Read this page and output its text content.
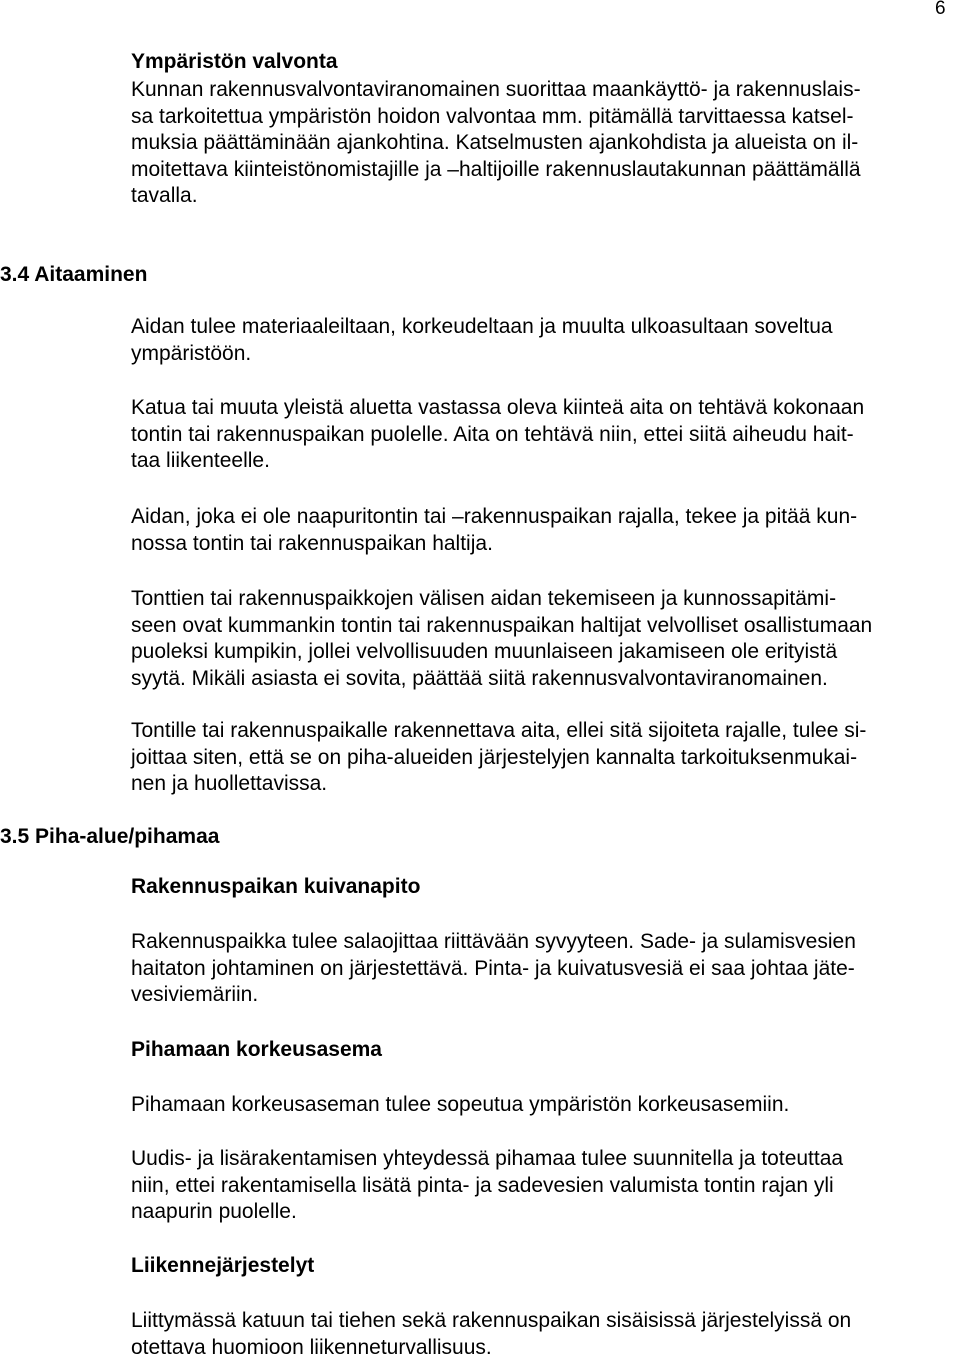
6
Ympäristön valvonta

Kunnan rakennusvalvontaviranomainen suorittaa maankäyttö- ja rakennuslais-
sa tarkoitettua ympäristön hoidon valvontaa mm. pitämällä tarvittaessa katsel-
muksia päättäminään ajankohtina. Katselmusten ajankohdista ja alueista on il-
moitettava kiinteistönomistajille ja –haltijoille rakennuslautakunnan päättämällä
tavalla.

3.4 Aitaaminen

Aidan tulee materiaaleiltaan, korkeudeltaan ja muulta ulkoasultaan soveltua
ympäristöön.

Katua tai muuta yleistä aluetta vastassa oleva kiinteä aita on tehtävä kokonaan
tontin tai rakennuspaikan puolelle. Aita on tehtävä niin, ettei siitä aiheudu hait-
taa liikenteelle.

Aidan, joka ei ole naapuritontin tai –rakennuspaikan rajalla, tekee ja pitää kun-
nossa tontin tai rakennuspaikan haltija.

Tonttien tai rakennuspaikkojen välisen aidan tekemiseen ja kunnossapitämi-
seen ovat kummankin tontin tai rakennuspaikan haltijat velvolliset osallistumaan
puoleksi kumpikin, jollei velvollisuuden muunlaiseen jakamiseen ole erityistä
syytä. Mikäli asiasta ei sovita, päättää siitä rakennusvalvontaviranomainen.

Tontille tai rakennuspaikalle rakennettava aita, ellei sitä sijoiteta rajalle, tulee si-
joittaa siten, että se on piha-alueiden järjestelyjen kannalta tarkoituksenmukai-
nen ja huollettavissa.

3.5 Piha-alue/pihamaa
Rakennuspaikan kuivanapito

Rakennuspaikka tulee salaojittaa riittävään syvyyteen. Sade- ja sulamisvesien
haitaton johtaminen on järjestettävä. Pinta- ja kuivatusvesiä ei saa johtaa jäte-
vesiviemäriin.

Pihamaan korkeusasema

Pihamaan korkeusaseman tulee sopeutua ympäristön korkeusasemiin.

Uudis- ja lisärakentamisen yhteydessä pihamaa tulee suunnitella ja toteuttaa
niin, ettei rakentamisella lisätä pinta- ja sadevesien valumista tontin rajan yli
naapurin puolelle.

Liikennejärjestelyt

Liittymässä katuun tai tiehen sekä rakennuspaikan sisäisissä järjestelyissä on
otettava huomioon liikenneturvallisuus.
